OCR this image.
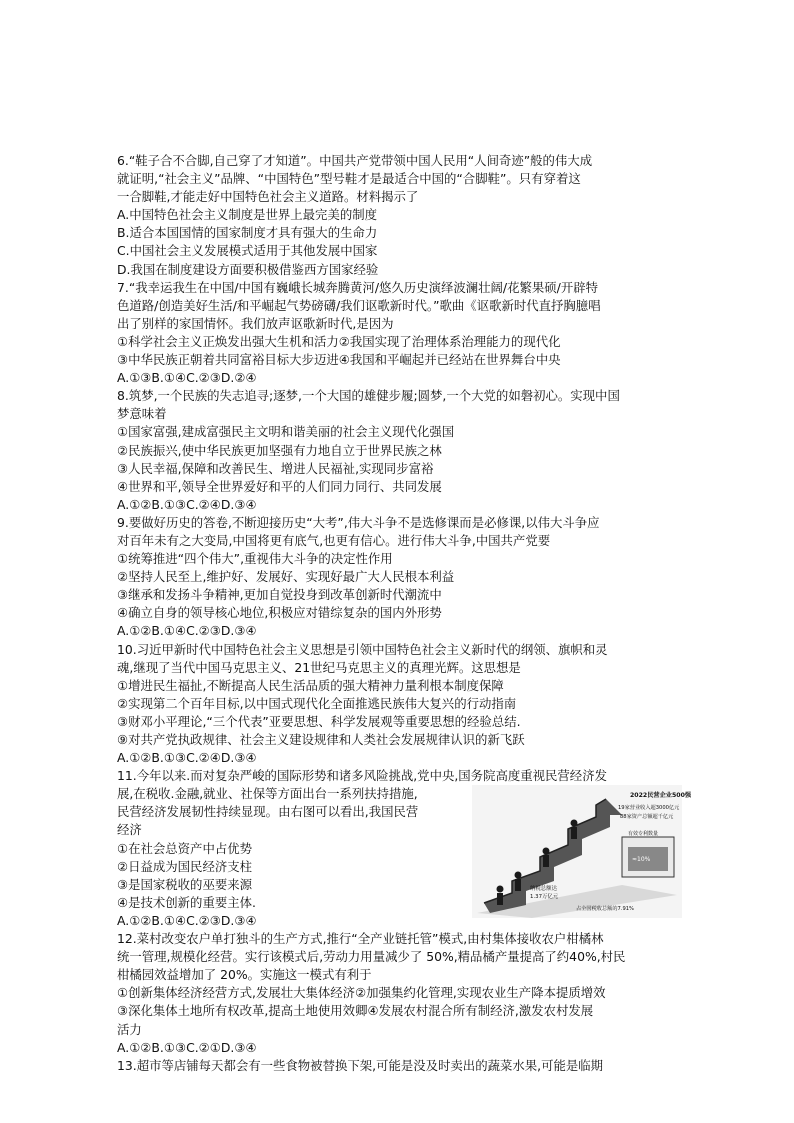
6.“鞋子合不合脚,自己穿了才知道”。中国共产党带领中国人民用“人间奇迹”般的伟大成

就证明,“社会主义”品牌、“中国特色”型号鞋才是最适合中国的“合脚鞋”。只有穿着这

一合脚鞋,才能走好中国特色社会主义道路。材料揭示了

A.中国特色社会主义制度是世界上最完美的制度

B.适合本国国情的国家制度才具有强大的生命力

C.中国社会主义发展模式适用于其他发展中国家

D.我国在制度建设方面要积极借鉴西方国家经验

7.“我幸运我生在中国/中国有巍峨长城奔腾黄河/悠久历史演绎波澜壮阔/花繁果硕/开辟特

色道路/创造美好生活/和平崛起气势磅礴/我们讴歌新时代。”歌曲《讴歌新时代直抒胸臆唱

出了别样的家国情怀。我们放声讴歌新时代,是因为

①科学社会主义正焕发出强大生机和活力②我国实现了治理体系治理能力的现代化

③中华民族正朝着共同富裕目标大步迈进④我国和平崛起并已经站在世界舞台中央

A.①③B.①④C.②③D.②④

8.筑梦,一个民族的失志追寻;逐梦,一个大国的雄健步履;圆梦,一个大党的如磐初心。实现中国

梦意味着

①国家富强,建成富强民主文明和谐美丽的社会主义现代化强国

②民族振兴,使中华民族更加坚强有力地自立于世界民族之林

③人民幸福,保障和改善民生、增进人民福祉,实现同步富裕

④世界和平,领导全世界爱好和平的人们同力同行、共同发展

A.①②B.①③C.②④D.③④

9.要做好历史的答卷,不断迎接历史“大考”,伟大斗争不是选修课而是必修课,以伟大斗争应

对百年未有之大变局,中国将更有底气,也更有信心。进行伟大斗争,中国共产党要

①统筹推进“四个伟大”,重视伟大斗争的决定性作用

②坚持人民至上,维护好、发展好、实现好最广大人民根本利益

③继承和发扬斗争精神,更加自觉投身到改革创新时代潮流中

④确立自身的领导核心地位,积极应对错综复杂的国内外形势

A.①②B.①④C.②③D.③④

10.习近甲新时代中国特色社会主义思想是引领中国特色社会主义新时代的纲领、旗帜和灵

魂,继现了当代中国马克思主义、21世纪马克思主义的真理光辉。这思想是

①增进民生福扯,不断提高人民生活品质的强大精神力量利根本制度保障

②实现第二个百年目标,以中国式现代化全面推逃民族伟大复兴的行动指南

③财邓小平理论,“三个代表”亚要思想、科学发展观等重要思想的经验总结.

⑨对共产党执政规律、社会主义建设规律和人类社会发展规律认识的新飞跃

A.①②B.①③C.②④D.③④

11.今年以来.而对复杂严峻的国际形势和诸多风险挑战,党中央,国务院高度重视民营经济发

展,在税收.金融,就业、社保等方面出台一系列扶持措施,

民营经济发展韧性持续显现。由右图可以看出,我国民营

经济

①在社会总资产中占优势

②日益成为国民经济支柱

③是国家税收的巫要来源

④是技术创新的重要主体.

A.①②B.①④C.②③D.③④

2022民营企业500强
19家营业收入超3000亿元
88家资产总额超千亿元
有效专利数量
≈10%
纳税总额达
1.37万亿元
占全国税收总额的7.91%

12.菜村改变农户单打独斗的生产方式,推行“全产业链托管”模式,由村集体接收农户柑橘林

统一管理,规模化经营。实行该模式后,劳动力用量减少了 50%,精品橘产量提高了约40%,村民

柑橘园效益增加了 20%。实施这一模式有利于

①创新集体经济经营方式,发展壮大集体经济②加强集约化管理,实现农业生产降本提质增效

③深化集体土地所有权改革,提高土地使用效卿④发展农村混合所有制经济,激发农村发展

活力

A.①②B.①③C.②①D.③④

13.超市等店铺每天都会有一些食物被替换下架,可能是没及时卖出的蔬菜水果,可能是临期
